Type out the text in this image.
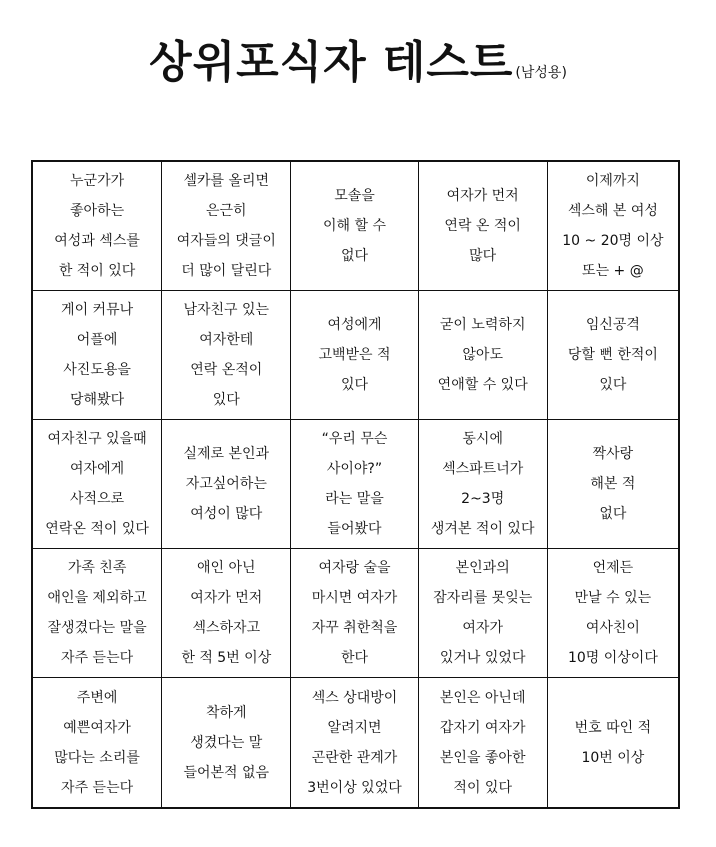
상위포식자 테스트 (남성용)
누군가가
좋아하는
여성과 섹스를
한 적이 있다
셀카를 올리면
은근히
여자들의 댓글이
더 많이 달린다
모솔을
이해 할 수
없다
여자가 먼저
연락 온 적이
많다
이제까지
섹스해 본 여성
10 ~ 20명 이상
또는 + @
게이 커뮤나
어플에
사진도용을
당해봤다
남자친구 있는
여자한테
연락 온적이
있다
여성에게
고백받은 적
있다
굳이 노력하지
않아도
연애할 수 있다
임신공격
당할 뻔 한적이
있다
여자친구 있을때
여자에게
사적으로
연락온 적이 있다
실제로 본인과
자고싶어하는
여성이 많다
“우리 무슨
사이야?”
라는 말을
들어봤다
동시에
섹스파트너가
2~3명
생겨본 적이 있다
짝사랑
해본 적
없다
가족 친족
애인을 제외하고
잘생겼다는 말을
자주 듣는다
애인 아닌
여자가 먼저
섹스하자고
한 적 5번 이상
여자랑 술을
마시면 여자가
자꾸 취한척을
한다
본인과의
잠자리를 못잊는
여자가
있거나 있었다
언제든
만날 수 있는
여사친이
10명 이상이다
주변에
예쁜여자가
많다는 소리를
자주 듣는다
착하게
생겼다는 말
들어본적 없음
섹스 상대방이
알려지면
곤란한 관계가
3번이상 있었다
본인은 아닌데
갑자기 여자가
본인을 좋아한
적이 있다
번호 따인 적
10번 이상
